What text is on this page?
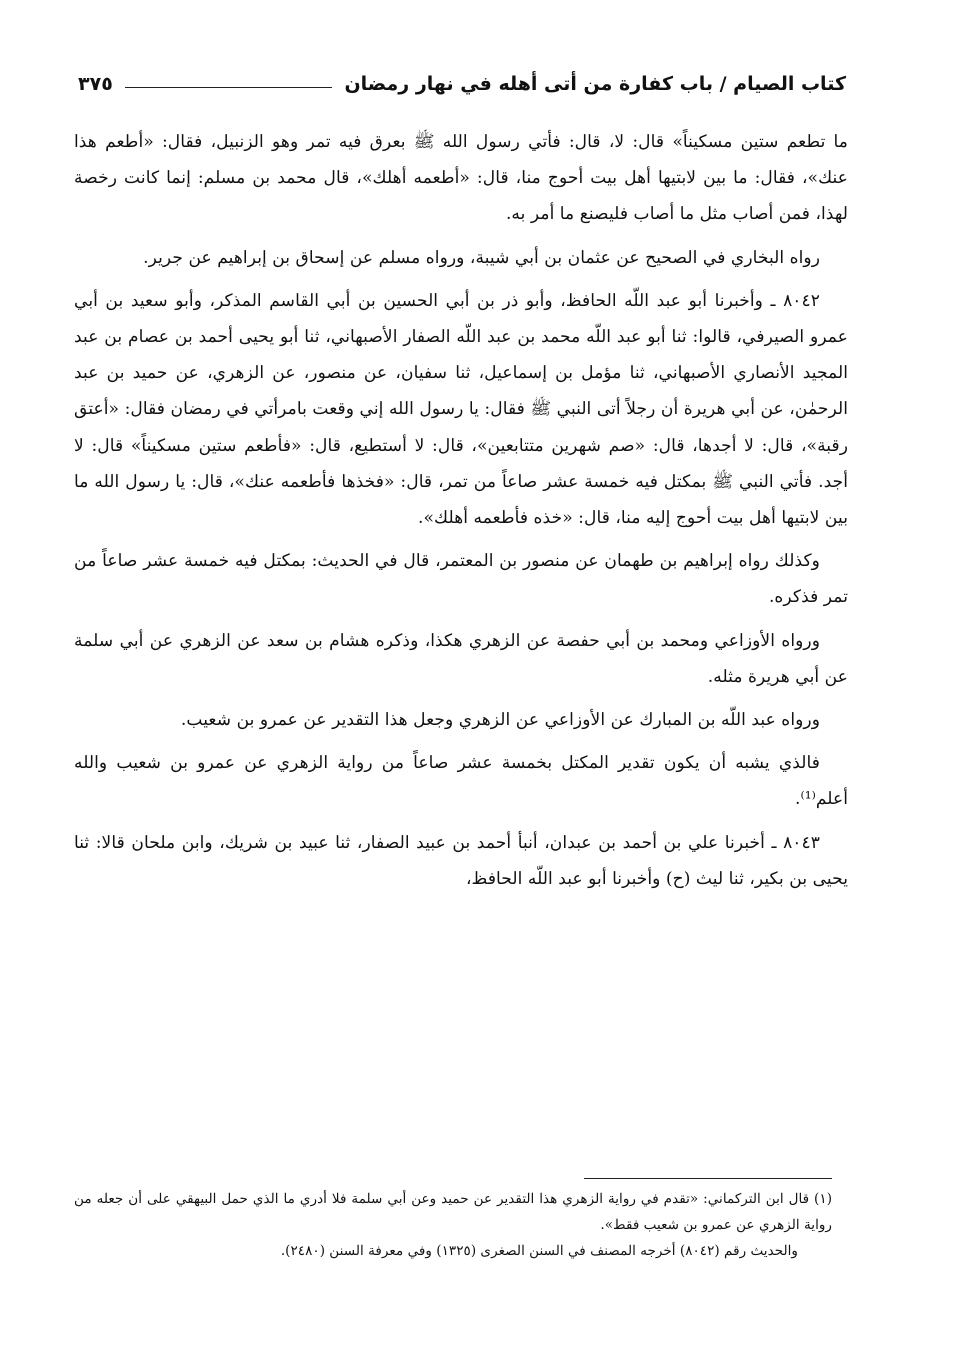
كتاب الصيام / باب كفارة من أتى أهله في نهار رمضان
٣٧٥

ما تطعم ستين مسكيناً» قال: لا، قال: فأتي رسول الله ﷺ بعرق فيه تمر وهو الزنبيل، فقال: «أطعم هذا عنك»، فقال: ما بين لابتيها أهل بيت أحوج منا، قال: «أطعمه أهلك»، قال محمد بن مسلم: إنما كانت رخصة لهذا، فمن أصاب مثل ما أصاب فليصنع ما أمر به.

رواه البخاري في الصحيح عن عثمان بن أبي شيبة، ورواه مسلم عن إسحاق بن إبراهيم عن جرير.

٨٠٤٢ ـ وأخبرنا أبو عبد اللّه الحافظ، وأبو ذر بن أبي الحسين بن أبي القاسم المذكر، وأبو سعيد بن أبي عمرو الصيرفي، قالوا: ثنا أبو عبد اللّه محمد بن عبد اللّه الصفار الأصبهاني، ثنا أبو يحيى أحمد بن عصام بن عبد المجيد الأنصاري الأصبهاني، ثنا مؤمل بن إسماعيل، ثنا سفيان، عن منصور، عن الزهري، عن حميد بن عبد الرحمٰن، عن أبي هريرة أن رجلاً أتى النبي ﷺ فقال: يا رسول الله إني وقعت بامرأتي في رمضان فقال: «أعتق رقبة»، قال: لا أجدها، قال: «صم شهرين متتابعين»، قال: لا أستطيع، قال: «فأطعم ستين مسكيناً» قال: لا أجد. فأتي النبي ﷺ بمكتل فيه خمسة عشر صاعاً من تمر، قال: «فخذها فأطعمه عنك»، قال: يا رسول الله ما بين لابتيها أهل بيت أحوج إليه منا، قال: «خذه فأطعمه أهلك».

وكذلك رواه إبراهيم بن طهمان عن منصور بن المعتمر، قال في الحديث: بمكتل فيه خمسة عشر صاعاً من تمر فذكره.

ورواه الأوزاعي ومحمد بن أبي حفصة عن الزهري هكذا، وذكره هشام بن سعد عن الزهري عن أبي سلمة عن أبي هريرة مثله.

ورواه عبد اللّه بن المبارك عن الأوزاعي عن الزهري وجعل هذا التقدير عن عمرو بن شعيب.

فالذي يشبه أن يكون تقدير المكتل بخمسة عشر صاعاً من رواية الزهري عن عمرو بن شعيب والله أعلم⁽¹⁾.

٨٠٤٣ ـ أخبرنا علي بن أحمد بن عبدان، أنبأ أحمد بن عبيد الصفار، ثنا عبيد بن شريك، وابن ملحان قالا: ثنا يحيى بن بكير، ثنا ليث (ح) وأخبرنا أبو عبد اللّه الحافظ،

(١) قال ابن التركماني: «تقدم في رواية الزهري هذا التقدير عن حميد وعن أبي سلمة فلا أدري ما الذي حمل البيهقي على أن جعله من رواية الزهري عن عمرو بن شعيب فقط».

والحديث رقم (٨٠٤٢) أخرجه المصنف في السنن الصغرى (١٣٢٥) وفي معرفة السنن (٢٤٨٠).
